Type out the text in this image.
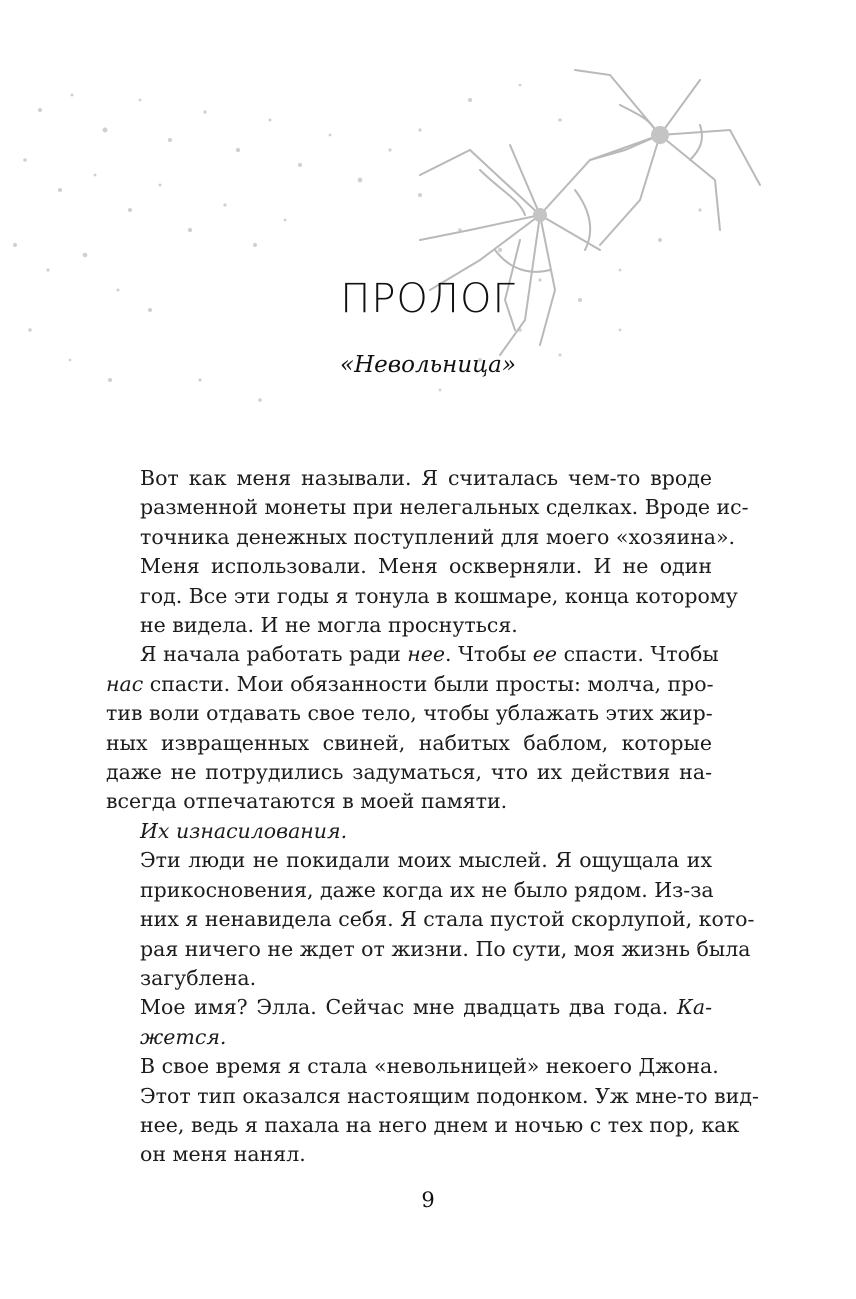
ПРОЛОГ
«Невольница»

Вот как меня называли. Я считалась чем-то вроде
разменной монеты при нелегальных сделках. Вроде ис-
точника денежных поступлений для моего «хозяина».

Меня использовали. Меня оскверняли. И не один
год. Все эти годы я тонула в кошмаре, конца которому
не видела. И не могла проснуться.

Я начала работать ради нее. Чтобы ее спасти. Чтобы
нас спасти. Мои обязанности были просты: молча, про-
тив воли отдавать свое тело, чтобы ублажать этих жир-
ных извращенных свиней, набитых баблом, которые
даже не потрудились задуматься, что их действия на-
всегда отпечатаются в моей памяти.

Их изнасилования.

Эти люди не покидали моих мыслей. Я ощущала их
прикосновения, даже когда их не было рядом. Из-за
них я ненавидела себя. Я стала пустой скорлупой, кото-
рая ничего не ждет от жизни. По сути, моя жизнь была
загублена.

Мое имя? Элла. Сейчас мне двадцать два года. Ка-
жется.

В свое время я стала «невольницей» некоего Джона.
Этот тип оказался настоящим подонком. Уж мне-то вид-
нее, ведь я пахала на него днем и ночью с тех пор, как
он меня нанял.

9
